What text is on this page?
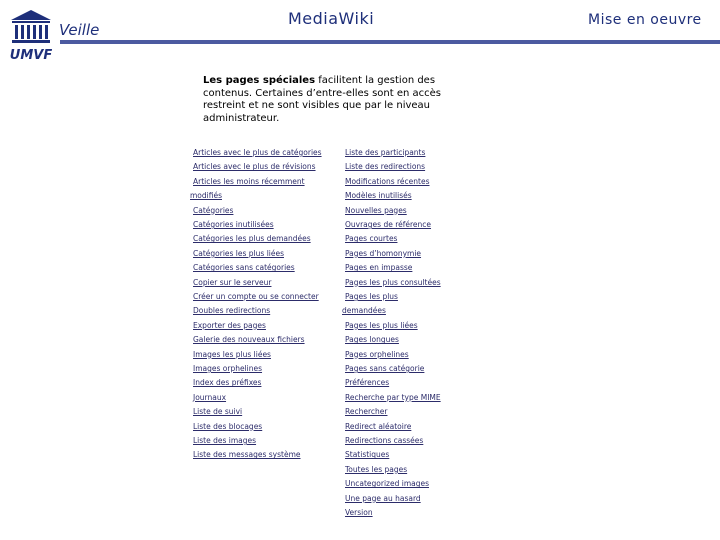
UMVF
Veille
MediaWiki	Mise en oeuvre
Les pages spéciales facilitent la gestion des contenus. Certaines d’entre-elles sont en accès restreint et ne sont visibles que par le niveau administrateur.
Articles avec le plus de catégories
Articles avec le plus de révisions
Articles les moins récemment
modifiés
Catégories
Catégories inutilisées
Catégories les plus demandées
Catégories les plus liées
Catégories sans catégories
Copier sur le serveur
Créer un compte ou se connecter
Doubles redirections
Exporter des pages
Galerie des nouveaux fichiers
Images les plus liées
Images orphelines
Index des préfixes
Journaux
Liste de suivi
Liste des blocages
Liste des images
Liste des messages système
Liste des participants
Liste des redirections
Modifications récentes
Modèles inutilisés
Nouvelles pages
Ouvrages de référence
Pages courtes
Pages d’homonymie
Pages en impasse
Pages les plus consultées
Pages les plus
demandées
Pages les plus liées
Pages longues
Pages orphelines
Pages sans catégorie
Préférences
Recherche par type MIME
Rechercher
Redirect aléatoire
Redirections cassées
Statistiques
Toutes les pages
Uncategorized images
Une page au hasard
Version
